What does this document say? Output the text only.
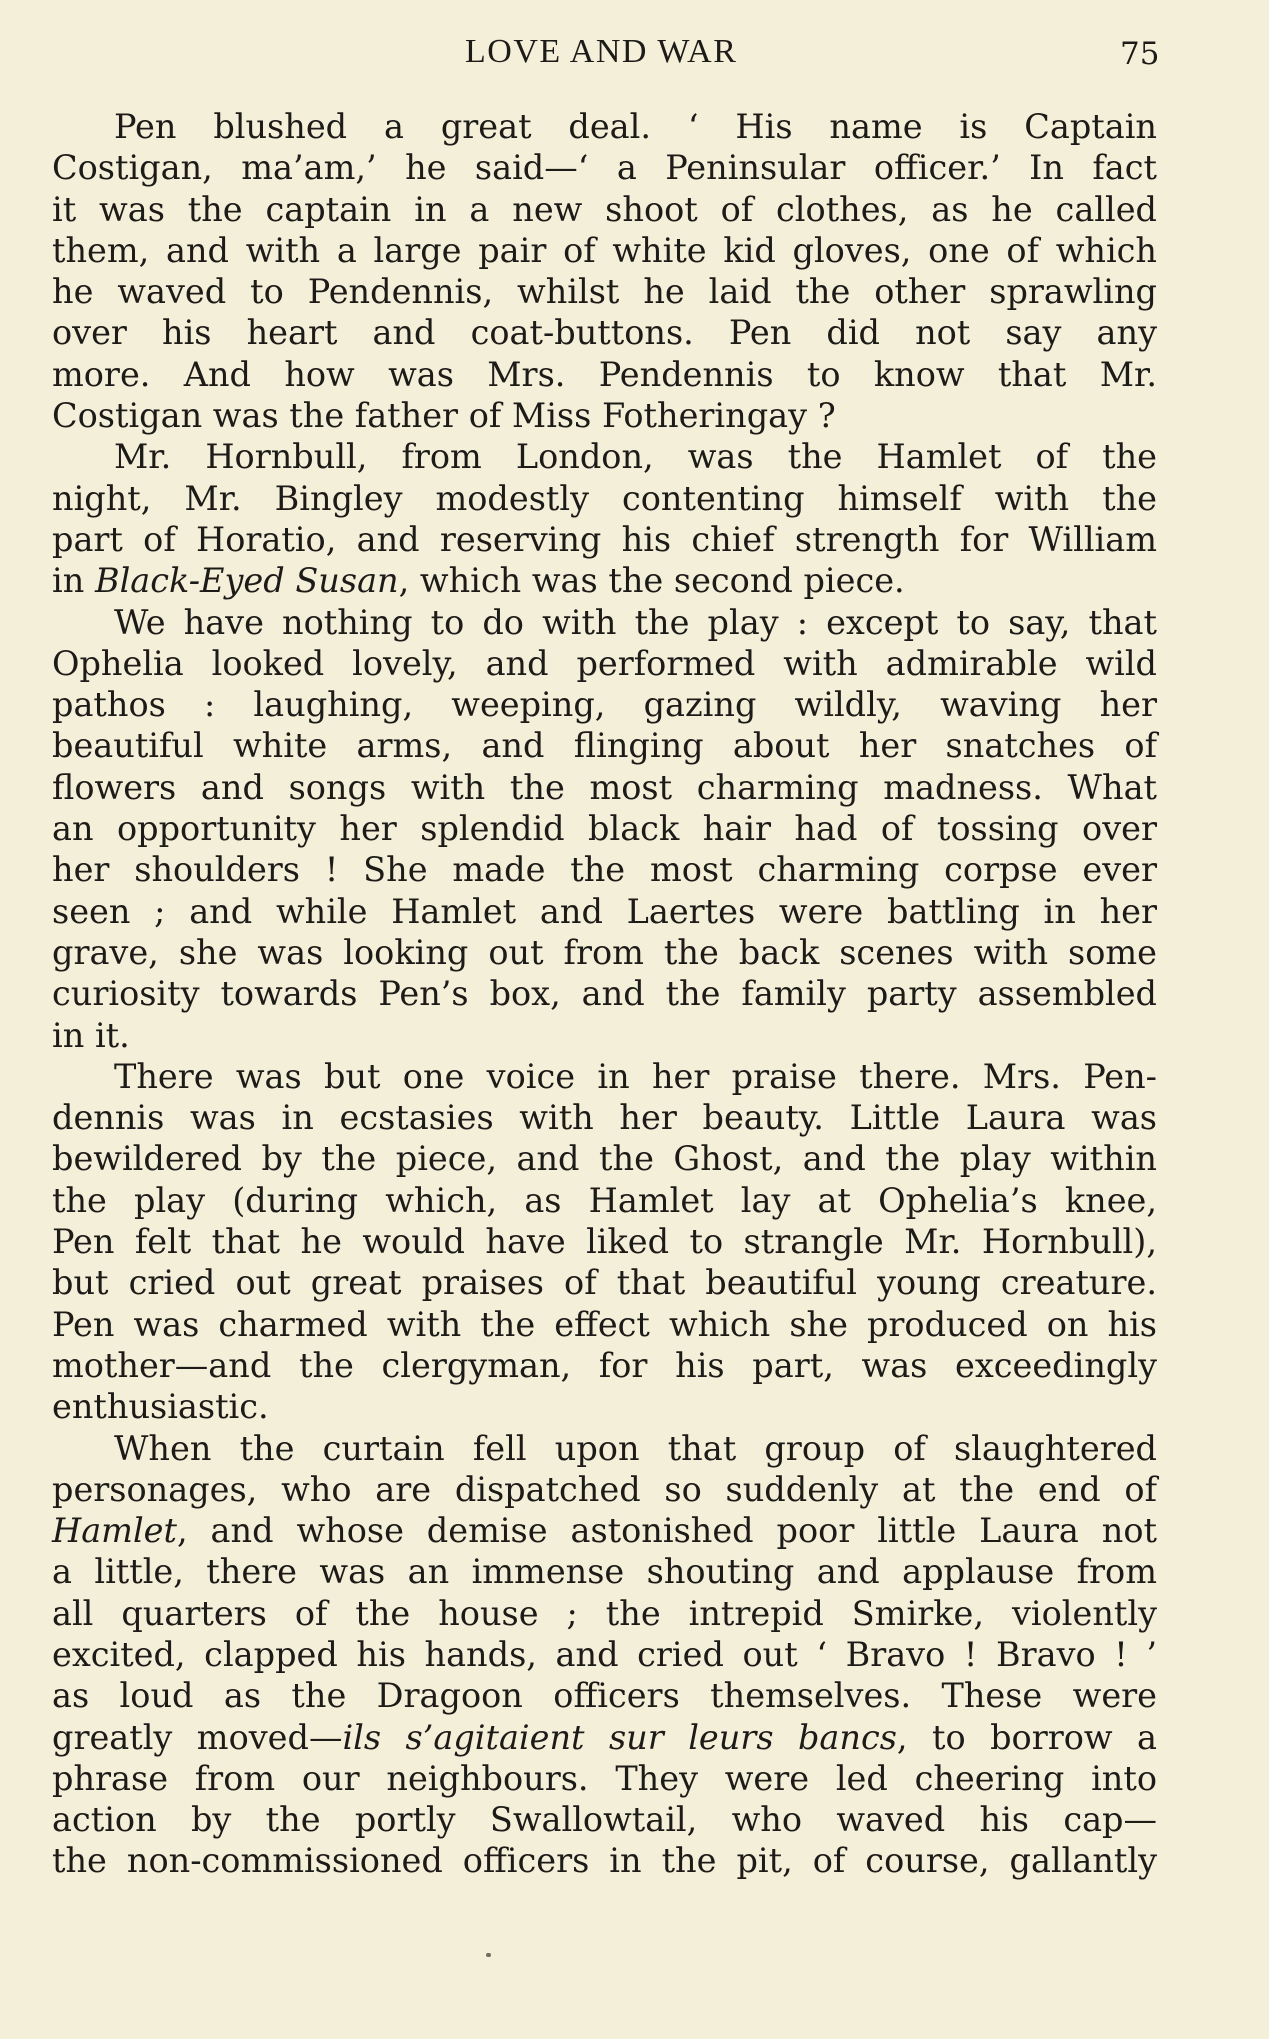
LOVE AND WAR	75
Pen blushed a great deal. ‘ His name is Captain
Costigan, ma’am,’ he said—‘ a Peninsular officer.’ In fact
it was the captain in a new shoot of clothes, as he called
them, and with a large pair of white kid gloves, one of which
he waved to Pendennis, whilst he laid the other sprawling
over his heart and coat-buttons. Pen did not say any
more. And how was Mrs. Pendennis to know that Mr.
Costigan was the father of Miss Fotheringay ?
Mr. Hornbull, from London, was the Hamlet of the
night, Mr. Bingley modestly contenting himself with the
part of Horatio, and reserving his chief strength for William
in Black-Eyed Susan, which was the second piece.
We have nothing to do with the play : except to say, that
Ophelia looked lovely, and performed with admirable wild
pathos : laughing, weeping, gazing wildly, waving her
beautiful white arms, and flinging about her snatches of
flowers and songs with the most charming madness. What
an opportunity her splendid black hair had of tossing over
her shoulders ! She made the most charming corpse ever
seen ; and while Hamlet and Laertes were battling in her
grave, she was looking out from the back scenes with some
curiosity towards Pen’s box, and the family party assembled
in it.
There was but one voice in her praise there. Mrs. Pen-
dennis was in ecstasies with her beauty. Little Laura was
bewildered by the piece, and the Ghost, and the play within
the play (during which, as Hamlet lay at Ophelia’s knee,
Pen felt that he would have liked to strangle Mr. Hornbull),
but cried out great praises of that beautiful young creature.
Pen was charmed with the effect which she produced on his
mother—and the clergyman, for his part, was exceedingly
enthusiastic.
When the curtain fell upon that group of slaughtered
personages, who are dispatched so suddenly at the end of
Hamlet, and whose demise astonished poor little Laura not
a little, there was an immense shouting and applause from
all quarters of the house ; the intrepid Smirke, violently
excited, clapped his hands, and cried out ‘ Bravo ! Bravo ! ’
as loud as the Dragoon officers themselves. These were
greatly moved—ils s’agitaient sur leurs bancs, to borrow a
phrase from our neighbours. They were led cheering into
action by the portly Swallowtail, who waved his cap—
the non-commissioned officers in the pit, of course, gallantly
